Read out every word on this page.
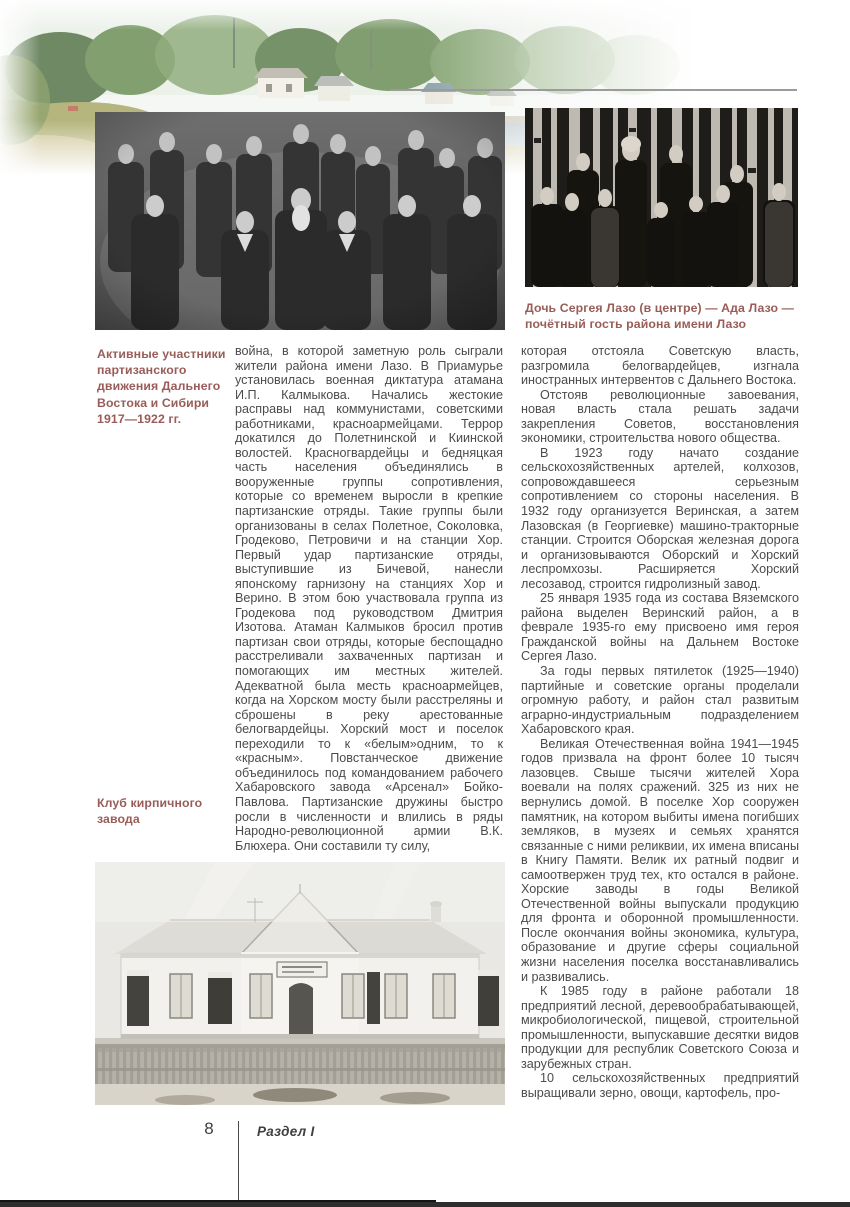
Дочь Сергея Лазо (в центре) — Ада Лазо — почётный гость района имени Лазо
Активные участники партизанского движения Дальнего Востока и Сибири 1917—1922 гг.
Клуб кирпичного завода

война, в которой заметную роль сыграли жители района имени Лазо. В Приамурье установилась военная диктатура атамана И.П. Калмыкова. Начались жестокие расправы над коммунистами, советскими работниками, красноармейцами. Террор докатился до Полетнинской и Киинской волостей. Красногвардейцы и бедняцкая часть населения объединялись в вооруженные группы сопротивления, которые со временем выросли в крепкие партизанские отряды. Такие группы были организованы в селах Полетное, Соколовка, Гродеково, Петровичи и на станции Хор. Первый удар партизанские отряды, выступившие из Бичевой, нанесли японскому гарнизону на станциях Хор и Верино. В этом бою участвовала группа из Гродекова под руководством Дмитрия Изотова. Атаман Калмыков бросил против партизан свои отряды, которые беспощадно расстреливали захваченных партизан и помогающих им местных жителей. Адекватной была месть красноармейцев, когда на Хорском мосту были расстреляны и сброшены в реку арестованные белогвардейцы. Хорский мост и поселок переходили то к «белым»одним, то к «красным». Повстанческое движение объединилось под командованием рабочего Хабаровского завода «Арсенал» Бойко-Павлова. Партизанские дружины быстро росли в численности и влились в ряды Народно-революционной армии В.К. Блюхера. Они составили ту силу,

которая отстояла Советскую власть, разгромила белогвардейцев, изгнала иностранных интервентов с Дальнего Востока.

Отстояв революционные завоевания, новая власть стала решать задачи закрепления Советов, восстановления экономики, строительства нового общества.

В 1923 году начато создание сельскохозяйственных артелей, колхозов, сопровождавшееся серьезным сопротивлением со стороны населения. В 1932 году организуется Веринская, а затем Лазовская (в Георгиевке) машино-тракторные станции. Строится Оборская железная дорога и организовываются Оборский и Хорский леспромхозы. Расширяется Хорский лесозавод, строится гидролизный завод.

25 января 1935 года из состава Вяземского района выделен Веринский район, а в феврале 1935-го ему присвоено имя героя Гражданской войны на Дальнем Востоке Сергея Лазо.

За годы первых пятилеток (1925—1940) партийные и советские органы проделали огромную работу, и район стал развитым аграрно-индустриальным подразделением Хабаровского края.

Великая Отечественная война 1941—1945 годов призвала на фронт более 10 тысяч лазовцев. Свыше тысячи жителей Хора воевали на полях сражений. 325 из них не вернулись домой. В поселке Хор сооружен памятник, на котором выбиты имена погибших земляков, в музеях и семьях хранятся связанные с ними реликвии, их имена вписаны в Книгу Памяти. Велик их ратный подвиг и самоотвержен труд тех, кто остался в районе. Хорские заводы в годы Великой Отечественной войны выпускали продукцию для фронта и оборонной промышленности. После окончания войны экономика, культура, образование и другие сферы социальной жизни населения поселка восстанавливались и развивались.

К 1985 году в районе работали 18 предприятий лесной, деревообрабатывающей, микробиологической, пищевой, строительной промышленности, выпускавшие десятки видов продукции для республик Советского Союза и зарубежных стран.

10 сельскохозяйственных предприятий выращивали зерно, овощи, картофель, про-

8	Раздел I
